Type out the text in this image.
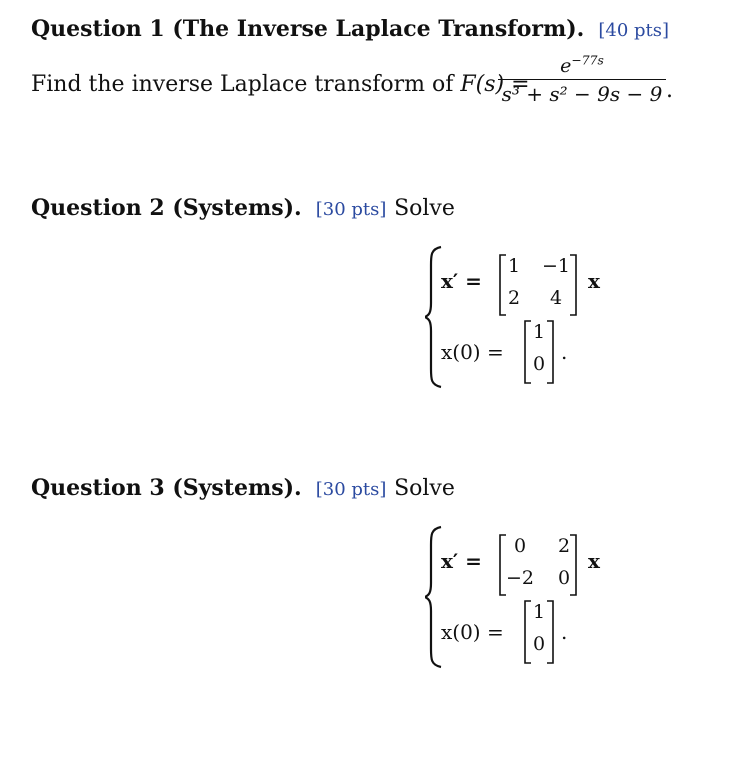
Question 1 (The Inverse Laplace Transform). [40 pts]
Find the inverse Laplace transform of F(s) =
$e^{-77s}$
s³ + s² − 9s − 9 .
Question 2 (Systems). [30 pts] Solve
x′ =
1	−1
2	4
x
x(0) =
1
0 .
Question 3 (Systems). [30 pts] Solve
x′ =
0	2
−2	0
x
x(0) =
1
0 .
